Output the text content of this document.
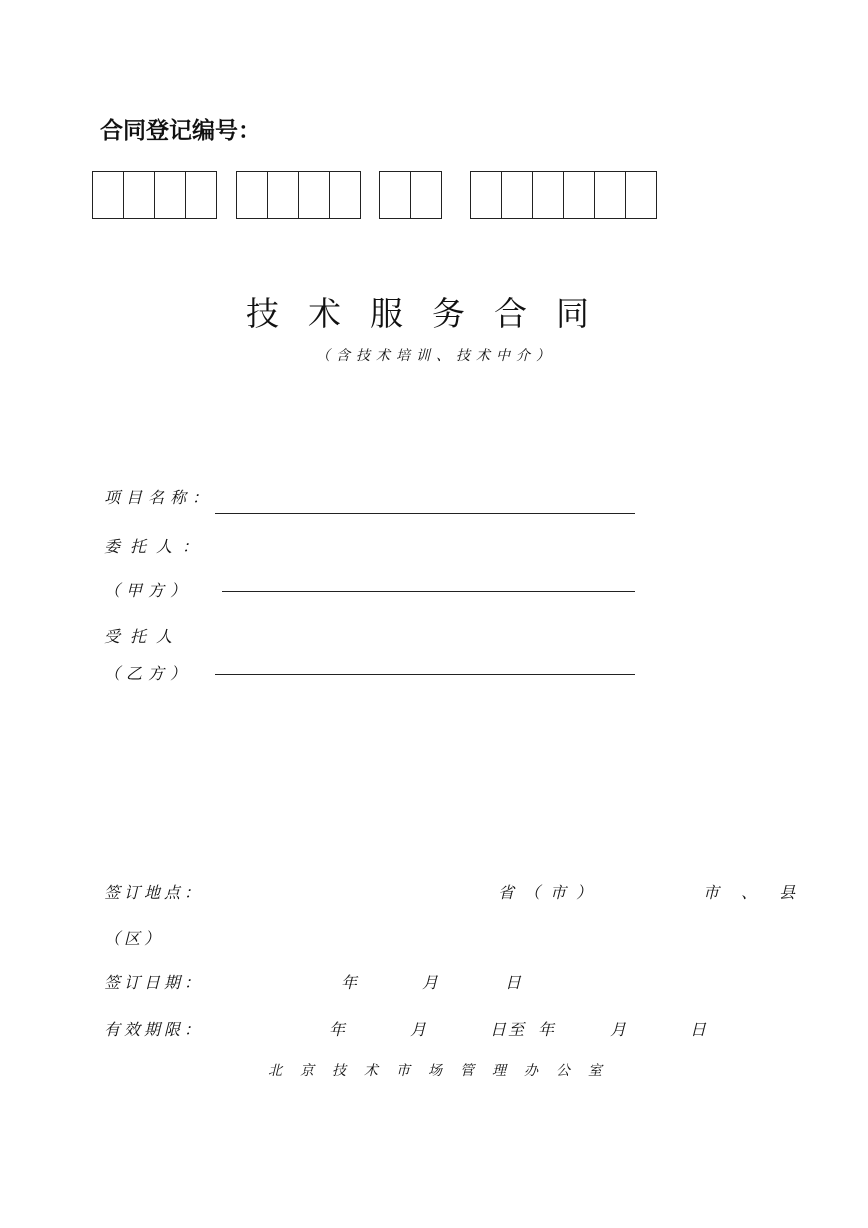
合同登记编号：
技术服务合同
（含技术培训、技术中介）
项目名称：
委托人：
（甲方）
受托人
（乙方）
签订地点：	省（市）	市、县
（区）
签订日期：	年	月	日
有效期限：	年	月	日至 年	月	日
北京技术市场管理办公室
